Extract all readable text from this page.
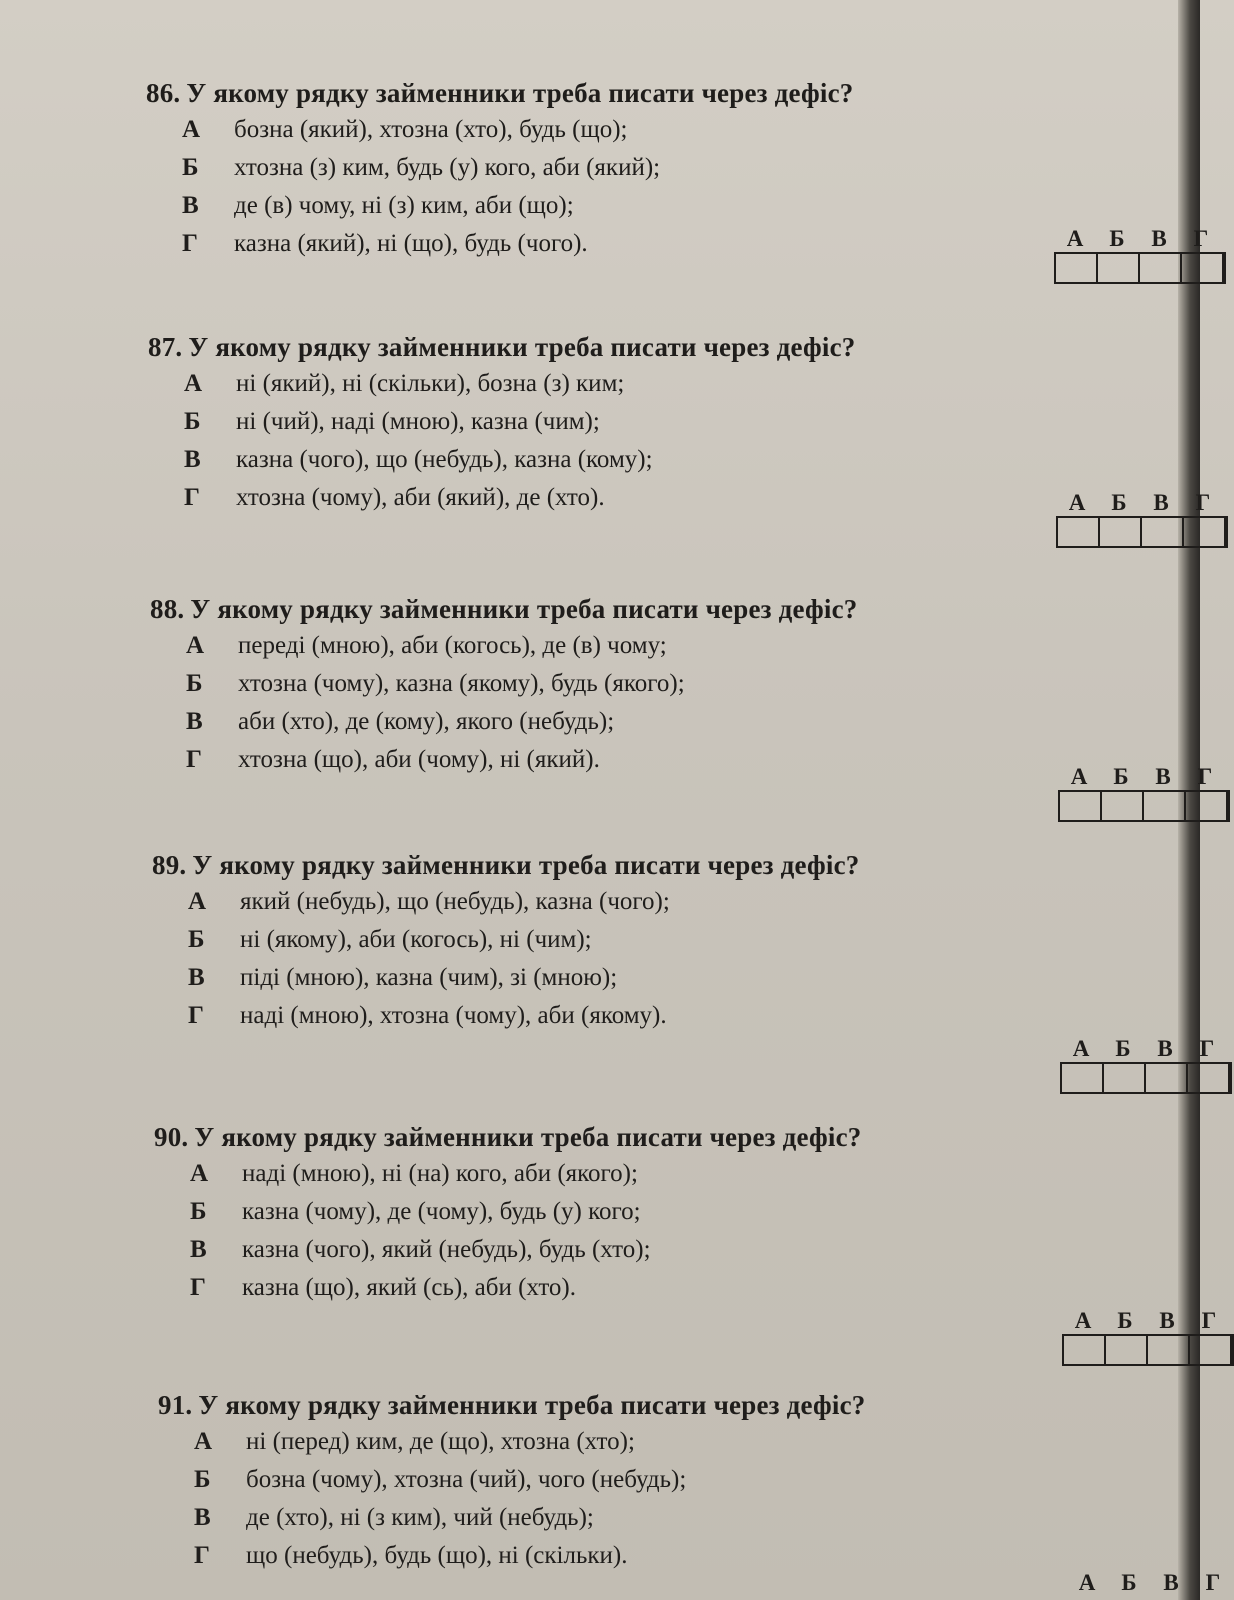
86. У якому рядку займенники треба писати через дефіс?
А бозна (який), хтозна (хто), будь (що);
Б хтозна (з) ким, будь (у) кого, аби (який);
В де (в) чому, ні (з) ким, аби (що);
Г казна (який), ні (що), будь (чого).	А	Б	В	Г
87. У якому рядку займенники треба писати через дефіс?
А ні (який), ні (скільки), бозна (з) ким;
Б ні (чий), наді (мною), казна (чим);
В казна (чого), що (небудь), казна (кому);
Г хтозна (чому), аби (який), де (хто).	А	Б	В	Г
88. У якому рядку займенники треба писати через дефіс?
А переді (мною), аби (когось), де (в) чому;
Б хтозна (чому), казна (якому), будь (якого);
В аби (хто), де (кому), якого (небудь);
Г хтозна (що), аби (чому), ні (який).
А	Б	В	Г
89. У якому рядку займенники треба писати через дефіс?
А який (небудь), що (небудь), казна (чого);
Б ні (якому), аби (когось), ні (чим);
В піді (мною), казна (чим), зі (мною);
Г наді (мною), хтозна (чому), аби (якому).
А	Б	В	Г
90. У якому рядку займенники треба писати через дефіс?
А наді (мною), ні (на) кого, аби (якого);
Б казна (чому), де (чому), будь (у) кого;
В казна (чого), який (небудь), будь (хто);
Г казна (що), який (сь), аби (хто).
А	Б	В	Г
91. У якому рядку займенники треба писати через дефіс?
А ні (перед) ким, де (що), хтозна (хто);
Б бозна (чому), хтозна (чий), чого (небудь);
В де (хто), ні (з ким), чий (небудь);
Г що (небудь), будь (що), ні (скільки).
А	Б	В	Г
